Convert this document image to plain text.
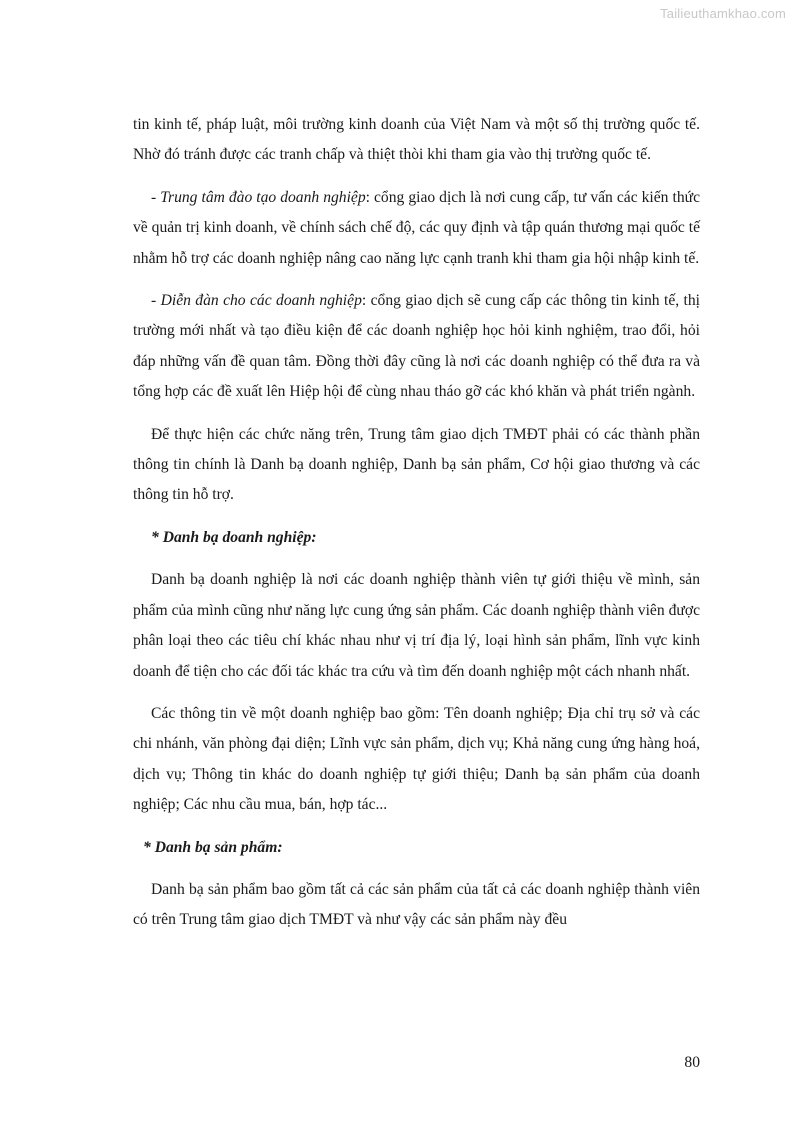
Tailieuthamkhao.com

tin kinh tế, pháp luật, môi trường kinh doanh của Việt Nam và một số thị trường quốc tế. Nhờ đó tránh được các tranh chấp và thiệt thòi khi tham gia vào thị trường quốc tế.

- Trung tâm đào tạo doanh nghiệp: cổng giao dịch là nơi cung cấp, tư vấn các kiến thức về quản trị kinh doanh, về chính sách chế độ, các quy định và tập quán thương mại quốc tế nhằm hỗ trợ các doanh nghiệp nâng cao năng lực cạnh tranh khi tham gia hội nhập kinh tế.

- Diễn đàn cho các doanh nghiệp: cổng giao dịch sẽ cung cấp các thông tin kinh tế, thị trường mới nhất và tạo điều kiện để các doanh nghiệp học hỏi kinh nghiệm, trao đổi, hỏi đáp những vấn đề quan tâm. Đồng thời đây cũng là nơi các doanh nghiệp có thể đưa ra và tổng hợp các đề xuất lên Hiệp hội để cùng nhau tháo gỡ các khó khăn và phát triển ngành.

Để thực hiện các chức năng trên, Trung tâm giao dịch TMĐT phải có các thành phần thông tin chính là Danh bạ doanh nghiệp, Danh bạ sản phẩm, Cơ hội giao thương và các thông tin hỗ trợ.

* Danh bạ doanh nghiệp:

Danh bạ doanh nghiệp là nơi các doanh nghiệp thành viên tự giới thiệu về mình, sản phẩm của mình cũng như năng lực cung ứng sản phẩm. Các doanh nghiệp thành viên được phân loại theo các tiêu chí khác nhau như vị trí địa lý, loại hình sản phẩm, lĩnh vực kinh doanh để tiện cho các đối tác khác tra cứu và tìm đến doanh nghiệp một cách nhanh nhất.

Các thông tin về một doanh nghiệp bao gồm: Tên doanh nghiệp; Địa chỉ trụ sở và các chi nhánh, văn phòng đại diện; Lĩnh vực sản phẩm, dịch vụ; Khả năng cung ứng hàng hoá, dịch vụ; Thông tin khác do doanh nghiệp tự giới thiệu; Danh bạ sản phẩm của doanh nghiệp; Các nhu cầu mua, bán, hợp tác...

* Danh bạ sản phẩm:

Danh bạ sản phẩm bao gồm tất cả các sản phẩm của tất cả các doanh nghiệp thành viên có trên Trung tâm giao dịch TMĐT và như vậy các sản phẩm này đều

80
